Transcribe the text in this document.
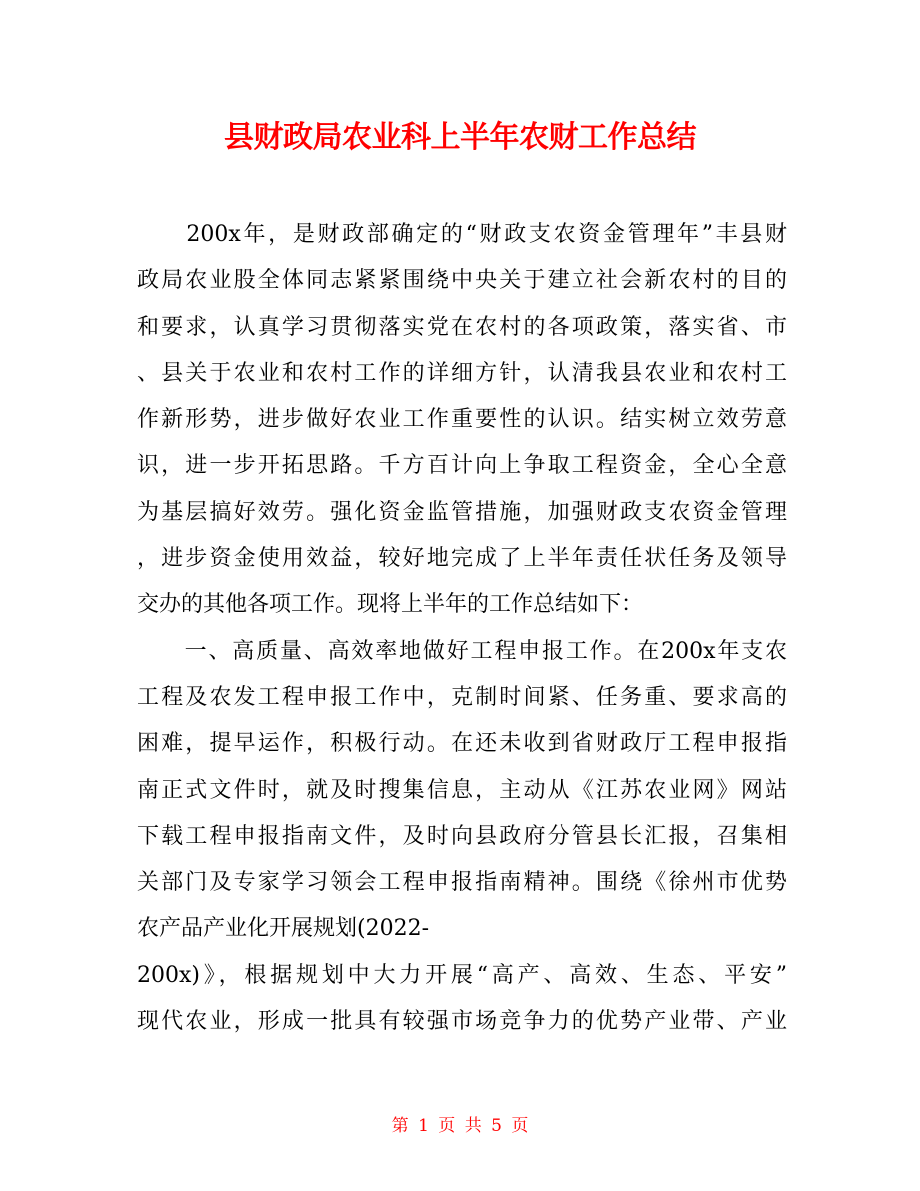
县财政局农业科上半年农财工作总结
　　200x年，是财政部确定的“财政支农资金管理年”丰县财
政局农业股全体同志紧紧围绕中央关于建立社会新农村的目的
和要求，认真学习贯彻落实党在农村的各项政策，落实省、市
、县关于农业和农村工作的详细方针，认清我县农业和农村工
作新形势，进步做好农业工作重要性的认识。结实树立效劳意
识，进一步开拓思路。千方百计向上争取工程资金，全心全意
为基层搞好效劳。强化资金监管措施，加强财政支农资金管理
，进步资金使用效益，较好地完成了上半年责任状任务及领导
交办的其他各项工作。现将上半年的工作总结如下：
　　一、高质量、高效率地做好工程申报工作。在200x年支农
工程及农发工程申报工作中，克制时间紧、任务重、要求高的
困难，提早运作，积极行动。在还未收到省财政厅工程申报指
南正式文件时，就及时搜集信息，主动从《江苏农业网》网站
下载工程申报指南文件，及时向县政府分管县长汇报，召集相
关部门及专家学习领会工程申报指南精神。围绕《徐州市优势
农产品产业化开展规划(2022-
200x)》，根据规划中大力开展“高产、高效、生态、平安”
现代农业，形成一批具有较强市场竞争力的优势产业带、产业
第 1 页 共 5 页
